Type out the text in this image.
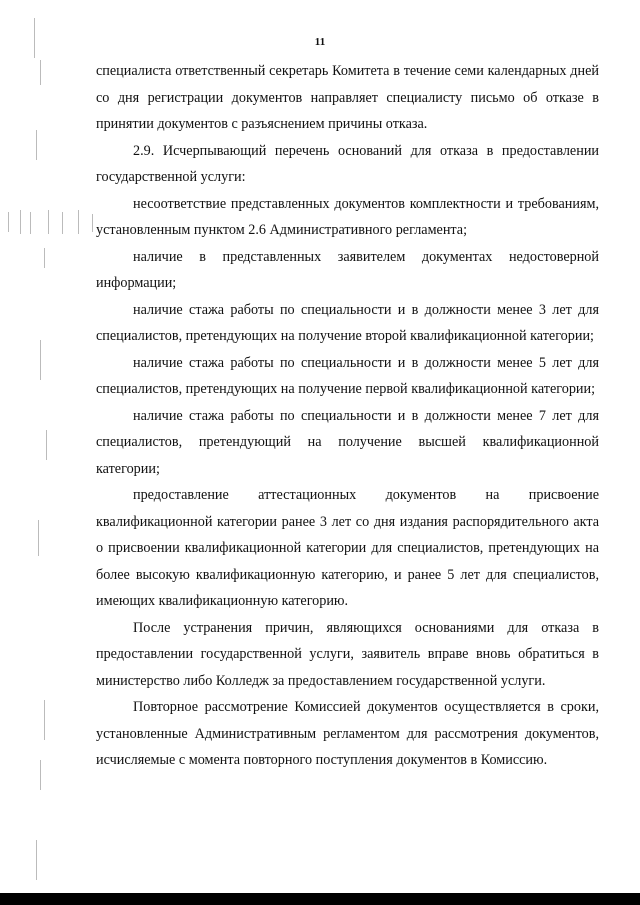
11

специалиста ответственный секретарь Комитета в течение семи календарных дней со дня регистрации документов направляет специалисту письмо об отказе в принятии документов с разъяснением причины отказа.

2.9. Исчерпывающий перечень оснований для отказа в предоставлении государственной услуги:

несоответствие представленных документов комплектности и требованиям, установленным пунктом 2.6 Административного регламента;

наличие в представленных заявителем документах недостоверной информации;

наличие стажа работы по специальности и в должности менее 3 лет для специалистов, претендующих на получение второй квалификационной категории;

наличие стажа работы по специальности и в должности менее 5 лет для специалистов, претендующих на получение первой квалификационной категории;

наличие стажа работы по специальности и в должности менее 7 лет для специалистов, претендующий на получение высшей квалификационной категории;

предоставление аттестационных документов на присвоение квалификационной категории ранее 3 лет со дня издания распорядительного акта о присвоении квалификационной категории для специалистов, претендующих на более высокую квалификационную категорию, и ранее 5 лет для специалистов, имеющих квалификационную категорию.

После устранения причин, являющихся основаниями для отказа в предоставлении государственной услуги, заявитель вправе вновь обратиться в министерство либо Колледж за предоставлением государственной услуги.

Повторное рассмотрение Комиссией документов осуществляется в сроки, установленные Административным регламентом для рассмотрения документов, исчисляемые с момента повторного поступления документов в Комиссию.
